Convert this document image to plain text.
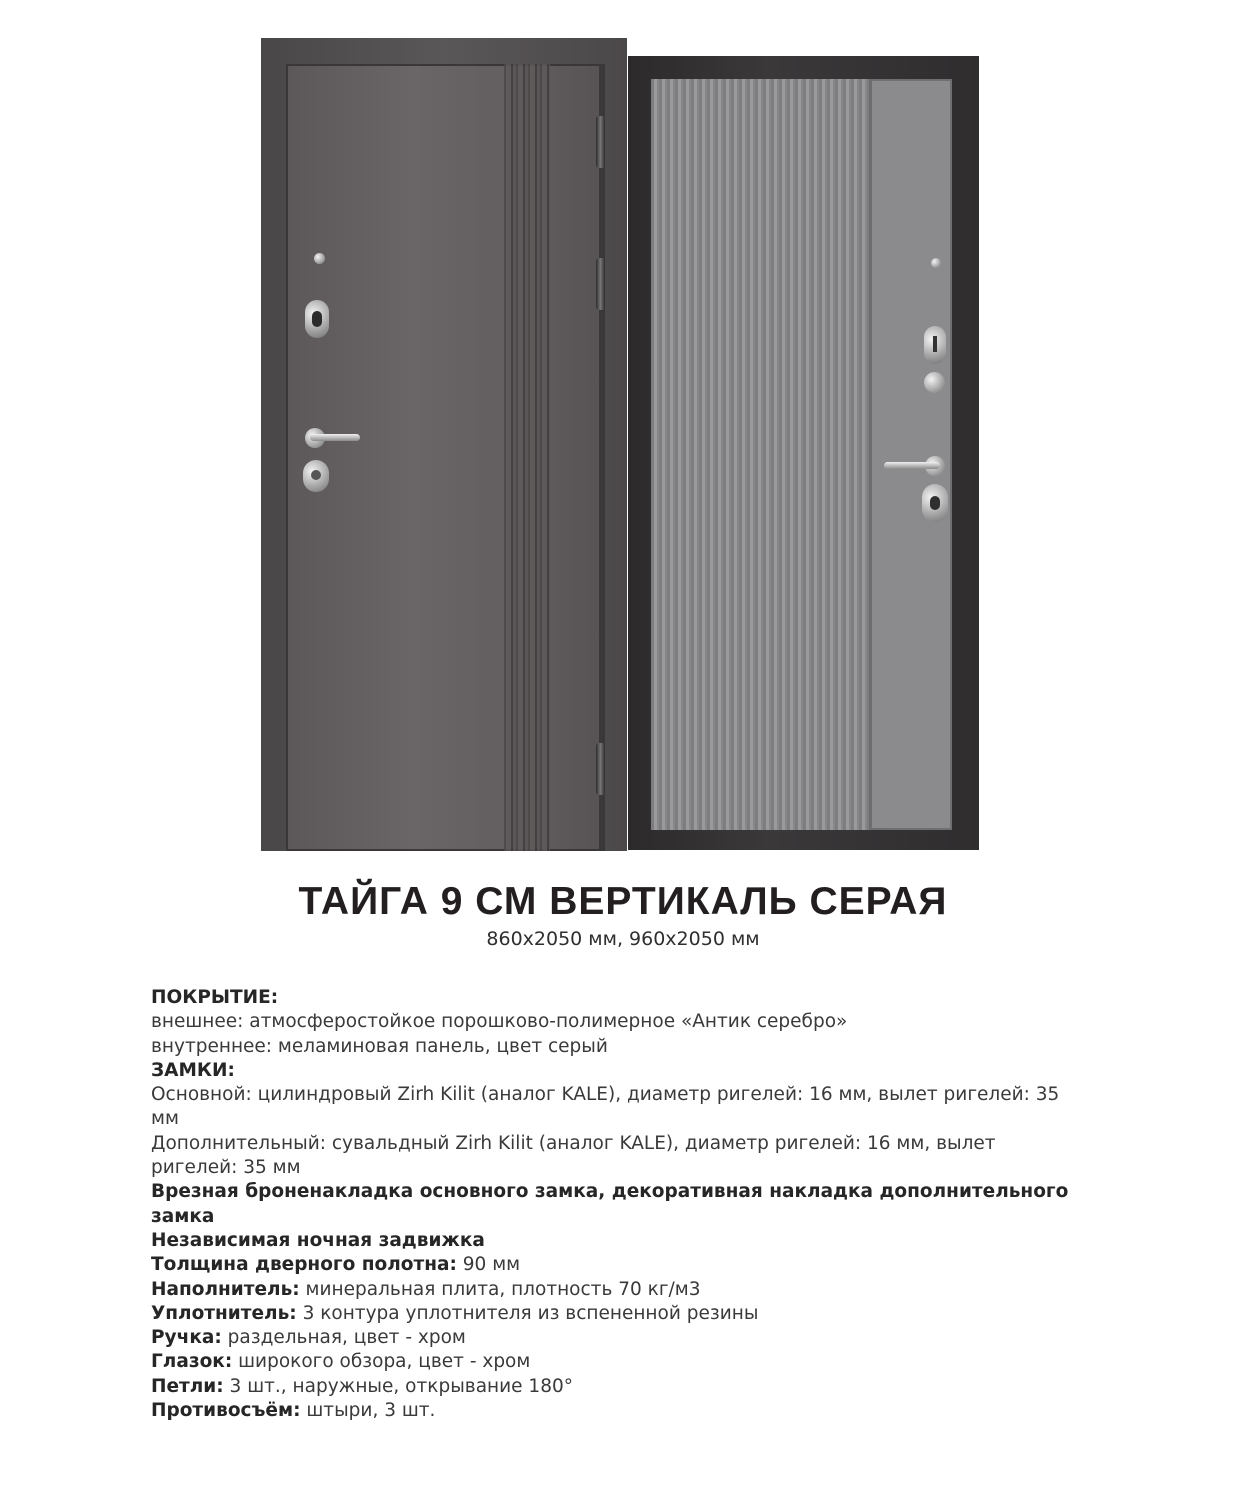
ТАЙГА 9 СМ ВЕРТИКАЛЬ СЕРАЯ
860х2050 мм, 960х2050 мм

ПОКРЫТИЕ:

внешнее: атмосферостойкое порошково-полимерное «Антик серебро»

внутреннее: меламиновая панель, цвет серый

ЗАМКИ:

Основной: цилиндровый Zirh Kilit (аналог KALE), диаметр ригелей: 16 мм, вылет ригелей: 35 мм

Дополнительный: сувальдный Zirh Kilit (аналог KALE), диаметр ригелей: 16 мм, вылет ригелей: 35 мм

Врезная броненакладка основного замка, декоративная накладка дополнительного замка

Независимая ночная задвижка

Толщина дверного полотна: 90 мм

Наполнитель: минеральная плита, плотность 70 кг/м3

Уплотнитель: 3 контура уплотнителя из вспененной резины

Ручка: раздельная, цвет - хром

Глазок: широкого обзора, цвет - хром

Петли: 3 шт., наружные, открывание 180°

Противосъём: штыри, 3 шт.
